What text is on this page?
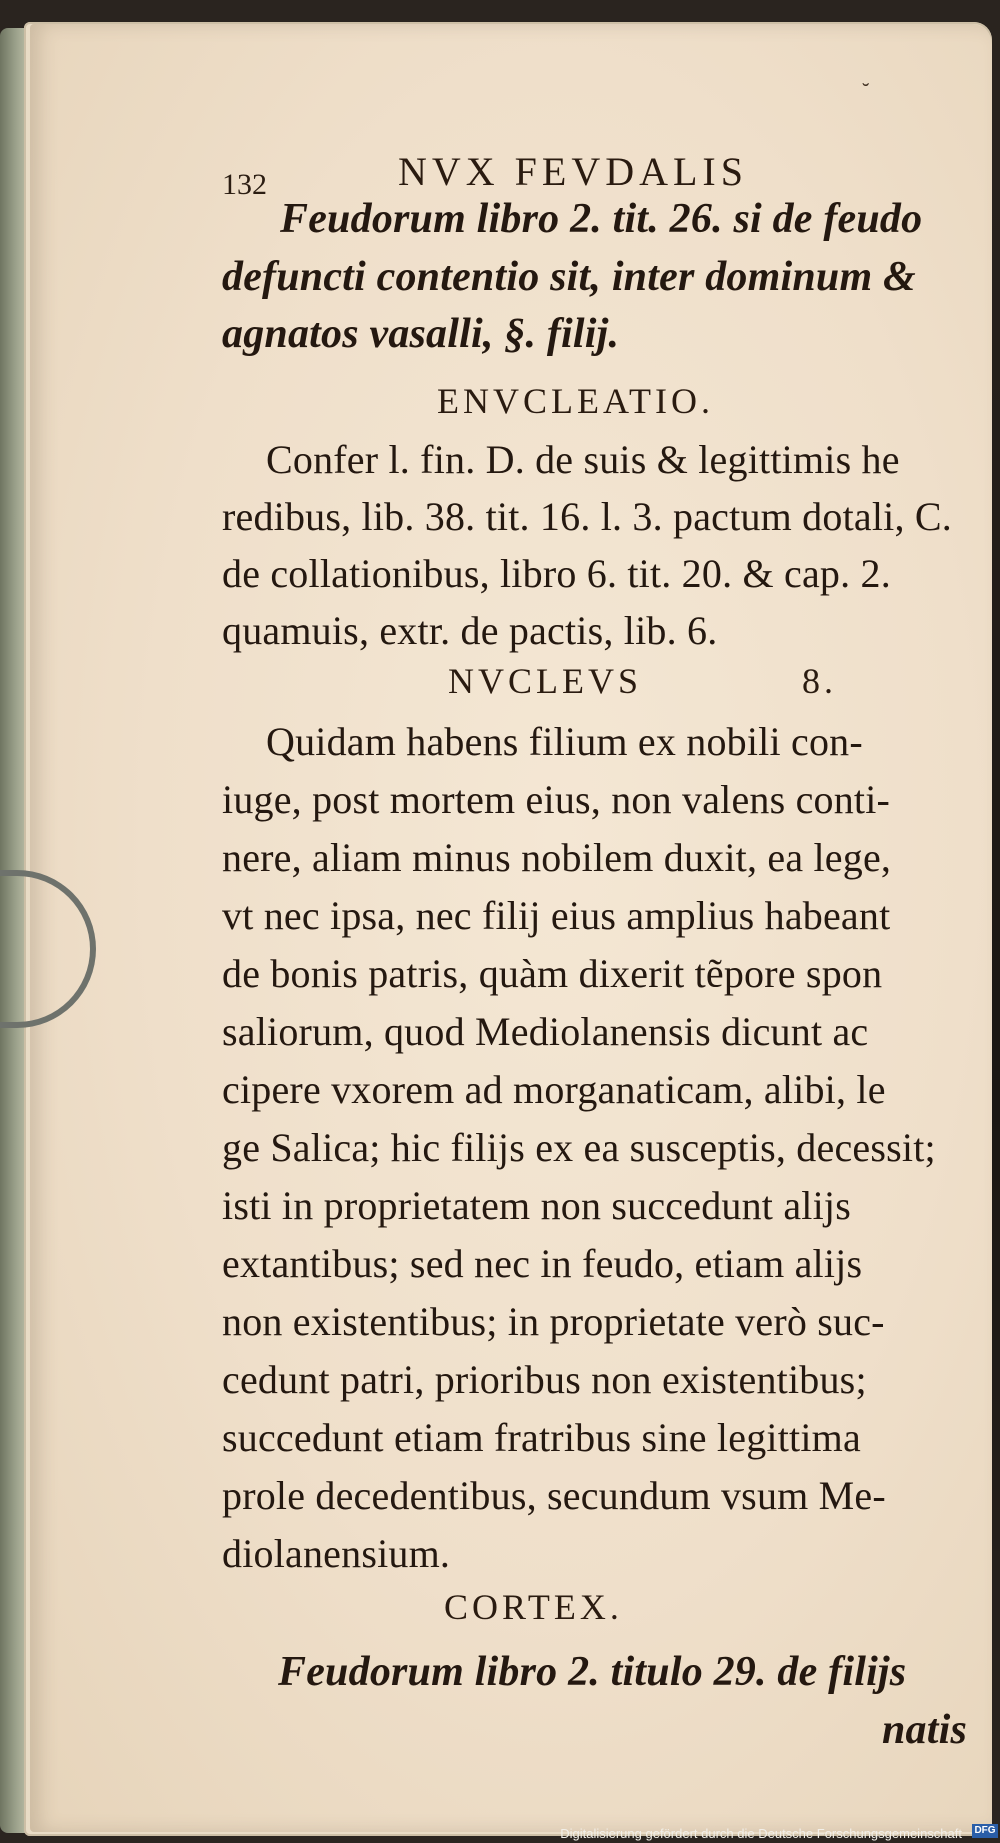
132	NVX FEVDALIS
Feudorum libro 2. tit. 26. si de feudo
defuncti contentio sit, inter dominum &
agnatos vasalli, §. filij.
ENVCLEATIO.
Confer l. fin. D. de suis & legittimis he
redibus, lib. 38. tit. 16. l. 3. pactum dotali, C.
de collationibus, libro 6. tit. 20. & cap. 2.
quamuis, extr. de pactis, lib. 6.
NVCLEVS	8.
Quidam habens filium ex nobili con-
iuge, post mortem eius, non valens conti-
nere, aliam minus nobilem duxit, ea lege,
vt nec ipsa, nec filij eius amplius habeant
de bonis patris, quàm dixerit tẽpore spon
saliorum, quod Mediolanensis dicunt ac
cipere vxorem ad morganaticam, alibi, le
ge Salica; hic filijs ex ea susceptis, decessit;
isti in proprietatem non succedunt alijs
extantibus; sed nec in feudo, etiam alijs
non existentibus; in proprietate verò suc-
cedunt patri, prioribus non existentibus;
succedunt etiam fratribus sine legittima
prole decedentibus, secundum vsum Me-
diolanensium.
CORTEX.
Feudorum libro 2. titulo 29. de filijs
natis
˘
Digitalisierung gefördert durch die Deutsche Forschungsgemeinschaft	DFG
